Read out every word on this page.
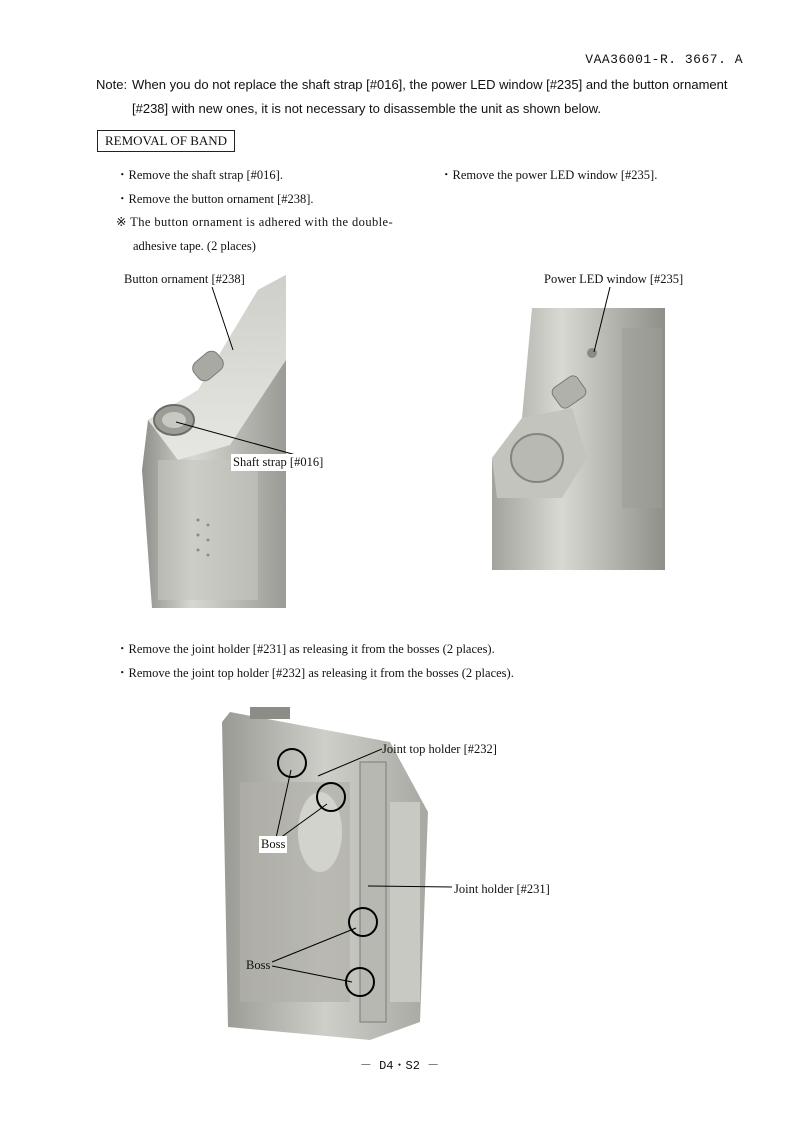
VAA36001-R. 3667. A
Note: When you do not replace the shaft strap [#016], the power LED window [#235] and the button ornament
[#238] with new ones, it is not necessary to disassemble the unit as shown below.
REMOVAL OF BAND
・Remove the shaft strap [#016].
・Remove the button ornament [#238].
※ The button ornament is adhered with the double-
adhesive tape. (2 places)
・Remove the power LED window [#235].
Button ornament [#238]
Shaft strap [#016]
Power LED window [#235]
・Remove the joint holder [#231] as releasing it from the bosses (2 places).
・Remove the joint top holder [#232] as releasing it from the bosses (2 places).
Joint top holder [#232]
Joint holder [#231]
Boss
Boss
－ D4・S2 －
